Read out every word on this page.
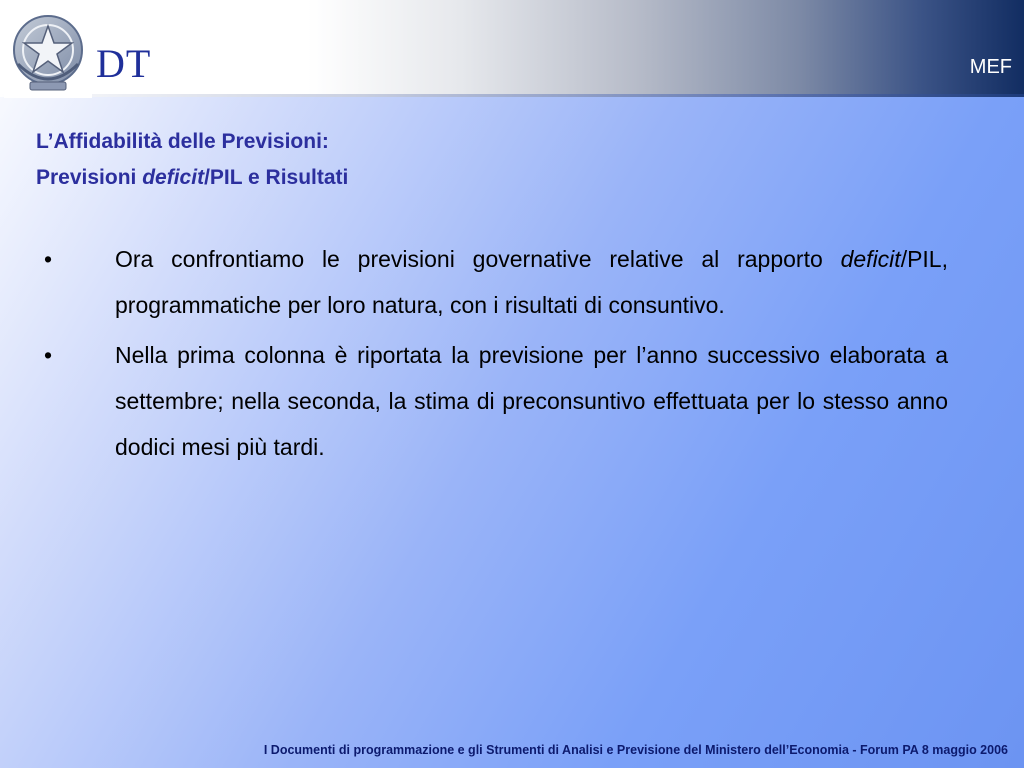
DT	MEF
L’Affidabilità delle Previsioni:
Previsioni deficit/PIL e Risultati
•	Ora confrontiamo le previsioni governative relative al rapporto deficit/PIL, programmatiche per loro natura, con i risultati di consuntivo.
•	Nella prima colonna è riportata la previsione per l’anno successivo elaborata a settembre; nella seconda, la stima di preconsuntivo effettuata per lo stesso anno dodici mesi più tardi.
I Documenti di programmazione e gli Strumenti di Analisi e Previsione del Ministero dell’Economia - Forum PA 8 maggio 2006
